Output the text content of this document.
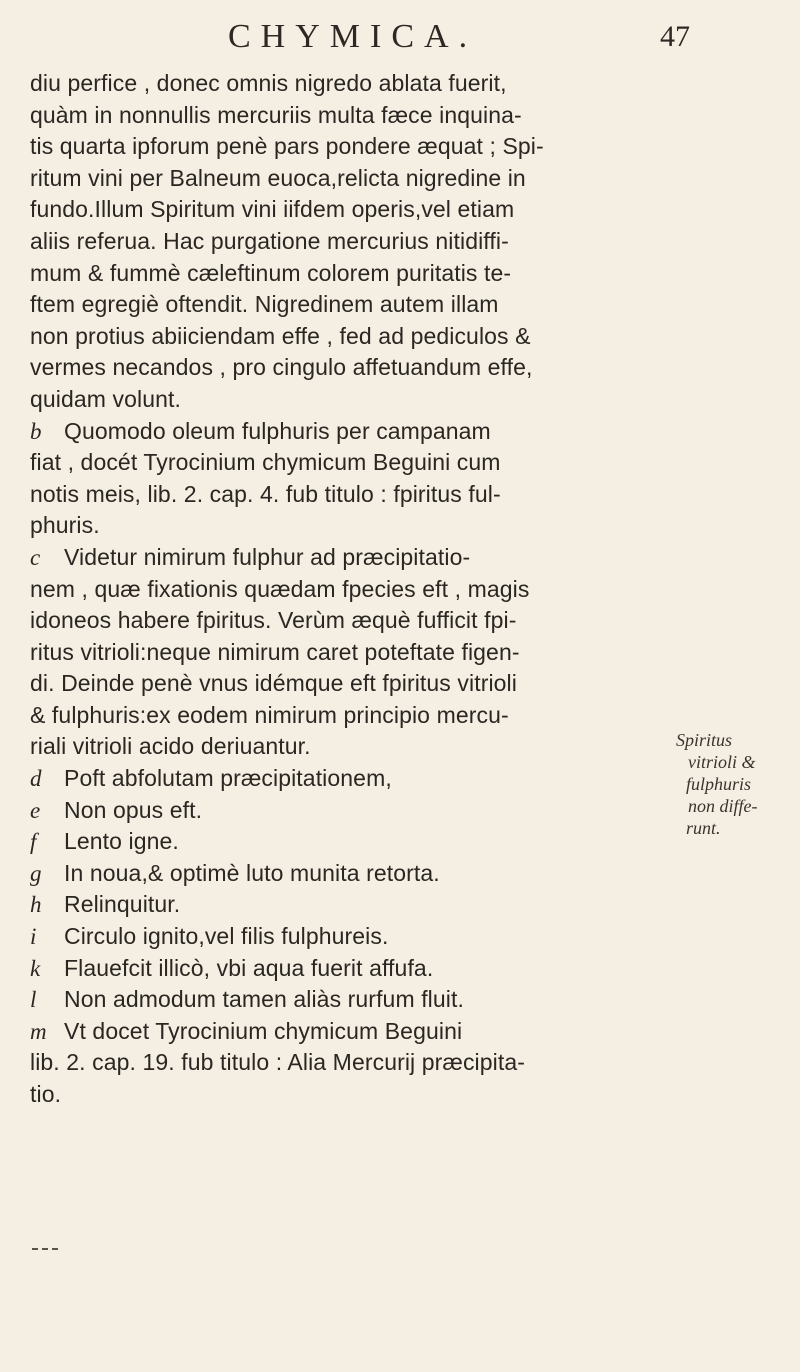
CHYMICA.	47
diu perfice , donec omnis nigredo ablata fuerit,
quàm in nonnullis mercuriis multa fæce inquina-
tis quarta ipforum penè pars pondere æquat ; Spi-
ritum vini per Balneum euoca,relicta nigredine in
fundo.Illum Spiritum vini iifdem operis,vel etiam
aliis referua. Hac purgatione mercurius nitidiffi-
mum & fummè cæleftinum colorem puritatis te-
ftem egregiè oftendit. Nigredinem autem illam
non protius abiiciendam effe , fed ad pediculos &
vermes necandos , pro cingulo affetuandum effe,
quidam volunt.
b Quomodo oleum fulphuris per campanam
fiat , docét Tyrocinium chymicum Beguini cum
notis meis, lib. 2. cap. 4. fub titulo : fpiritus ful-
phuris.
c Videtur nimirum fulphur ad præcipitatio-
nem , quæ fixationis quædam fpecies eft , magis
idoneos habere fpiritus. Verùm æquè fufficit fpi-
ritus vitrioli:neque nimirum caret poteftate figen-
di. Deinde penè vnus idémque eft fpiritus vitrioli
& fulphuris:ex eodem nimirum principio mercu-
riali vitrioli acido deriuantur.
d Poft abfolutam præcipitationem,
e Non opus eft.
f Lento igne.
g In noua,& optimè luto munita retorta.
h Relinquitur.
i Circulo ignito,vel filis fulphureis.
k Flauefcit illicò, vbi aqua fuerit affufa.
l Non admodum tamen aliàs rurfum fluit.
m Vt docet Tyrocinium chymicum Beguini
lib. 2. cap. 19. fub titulo : Alia Mercurij præcipita-
tio.
Spiritus
vitrioli &
fulphuris
non diffe-
runt.
